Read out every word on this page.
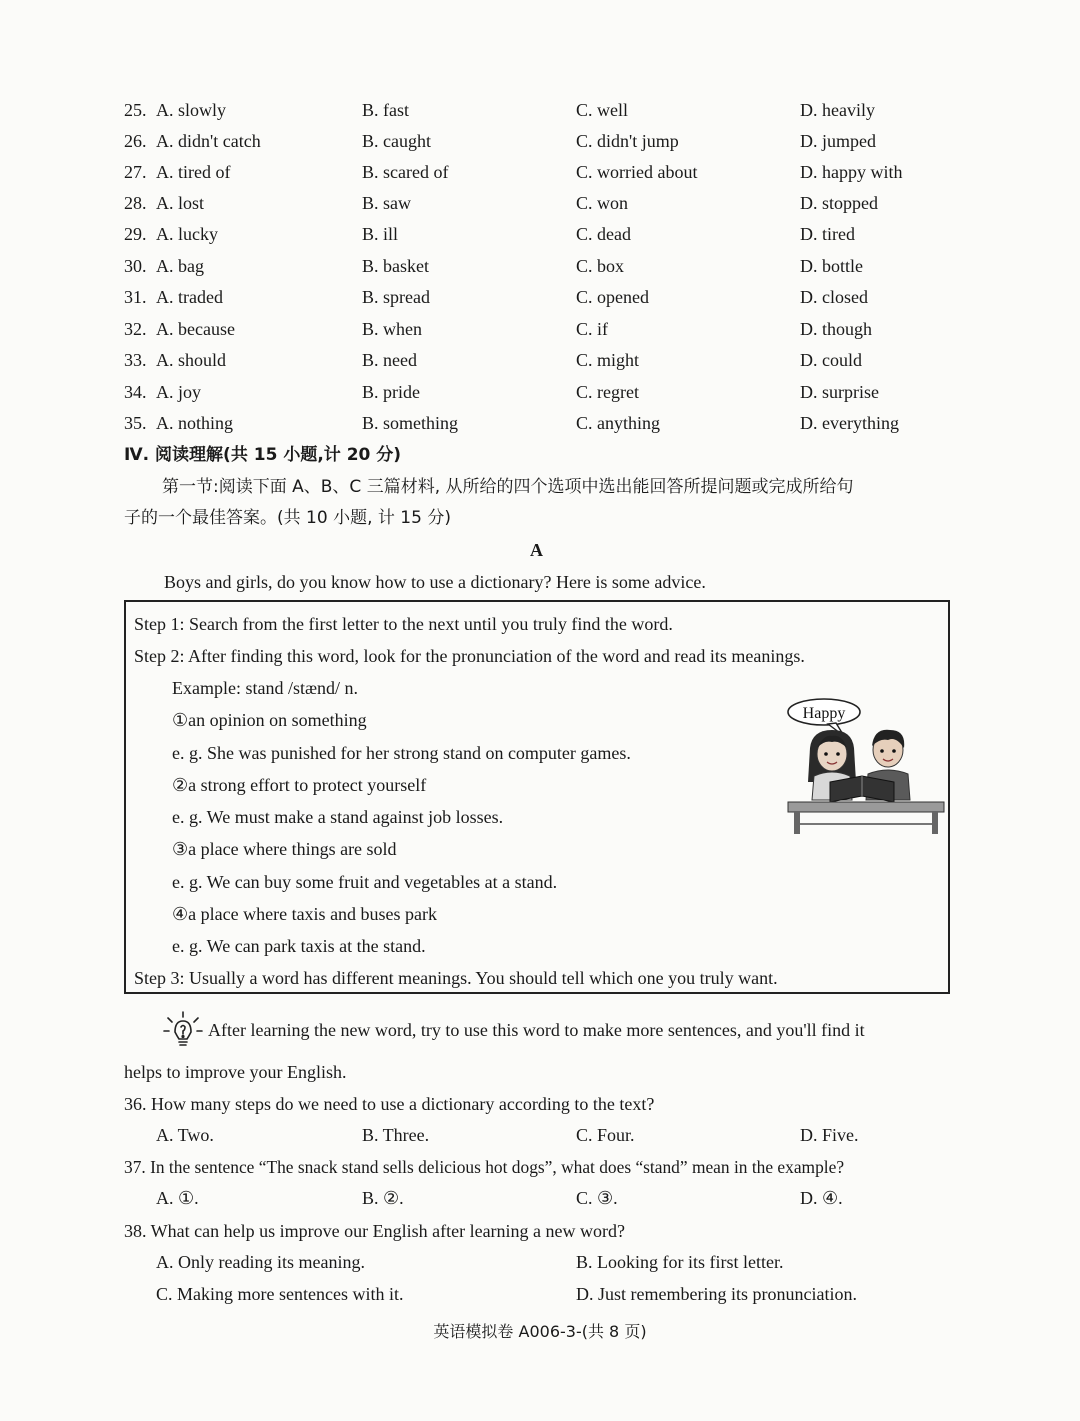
25. A. slowly	B. fast	C. well	D. heavily
26. A. didn't catch	B. caught	C. didn't jump	D. jumped
27. A. tired of	B. scared of	C. worried about	D. happy with
28. A. lost	B. saw	C. won	D. stopped
29. A. lucky	B. ill	C. dead	D. tired
30. A. bag	B. basket	C. box	D. bottle
31. A. traded	B. spread	C. opened	D. closed
32. A. because	B. when	C. if	D. though
33. A. should	B. need	C. might	D. could
34. A. joy	B. pride	C. regret	D. surprise
35. A. nothing	B. something	C. anything	D. everything
Ⅳ. 阅读理解(共 15 小题,计 20 分)
第一节:阅读下面 A、B、C 三篇材料, 从所给的四个选项中选出能回答所提问题或完成所给句
子的一个最佳答案。(共 10 小题, 计 15 分)
A
Boys and girls, do you know how to use a dictionary? Here is some advice.
Step 1: Search from the first letter to the next until you truly find the word.
Step 2: After finding this word, look for the pronunciation of the word and read its meanings.
Example: stand /stænd/ n.
①an opinion on something
e. g. She was punished for her strong stand on computer games.
②a strong effort to protect yourself
e. g. We must make a stand against job losses.
③a place where things are sold
e. g. We can buy some fruit and vegetables at a stand.
④a place where taxis and buses park
e. g. We can park taxis at the stand.
Step 3: Usually a word has different meanings. You should tell which one you truly want.
Happy
After learning the new word, try to use this word to make more sentences, and you'll find it
helps to improve your English.
36. How many steps do we need to use a dictionary according to the text?
A. Two.	B. Three.	C. Four.	D. Five.
37. In the sentence “The snack stand sells delicious hot dogs”, what does “stand” mean in the example?
A. ①.	B. ②.	C. ③.	D. ④.
38. What can help us improve our English after learning a new word?
A. Only reading its meaning.	B. Looking for its first letter.
C. Making more sentences with it.	D. Just remembering its pronunciation.
英语模拟卷 A006-3-(共 8 页)
